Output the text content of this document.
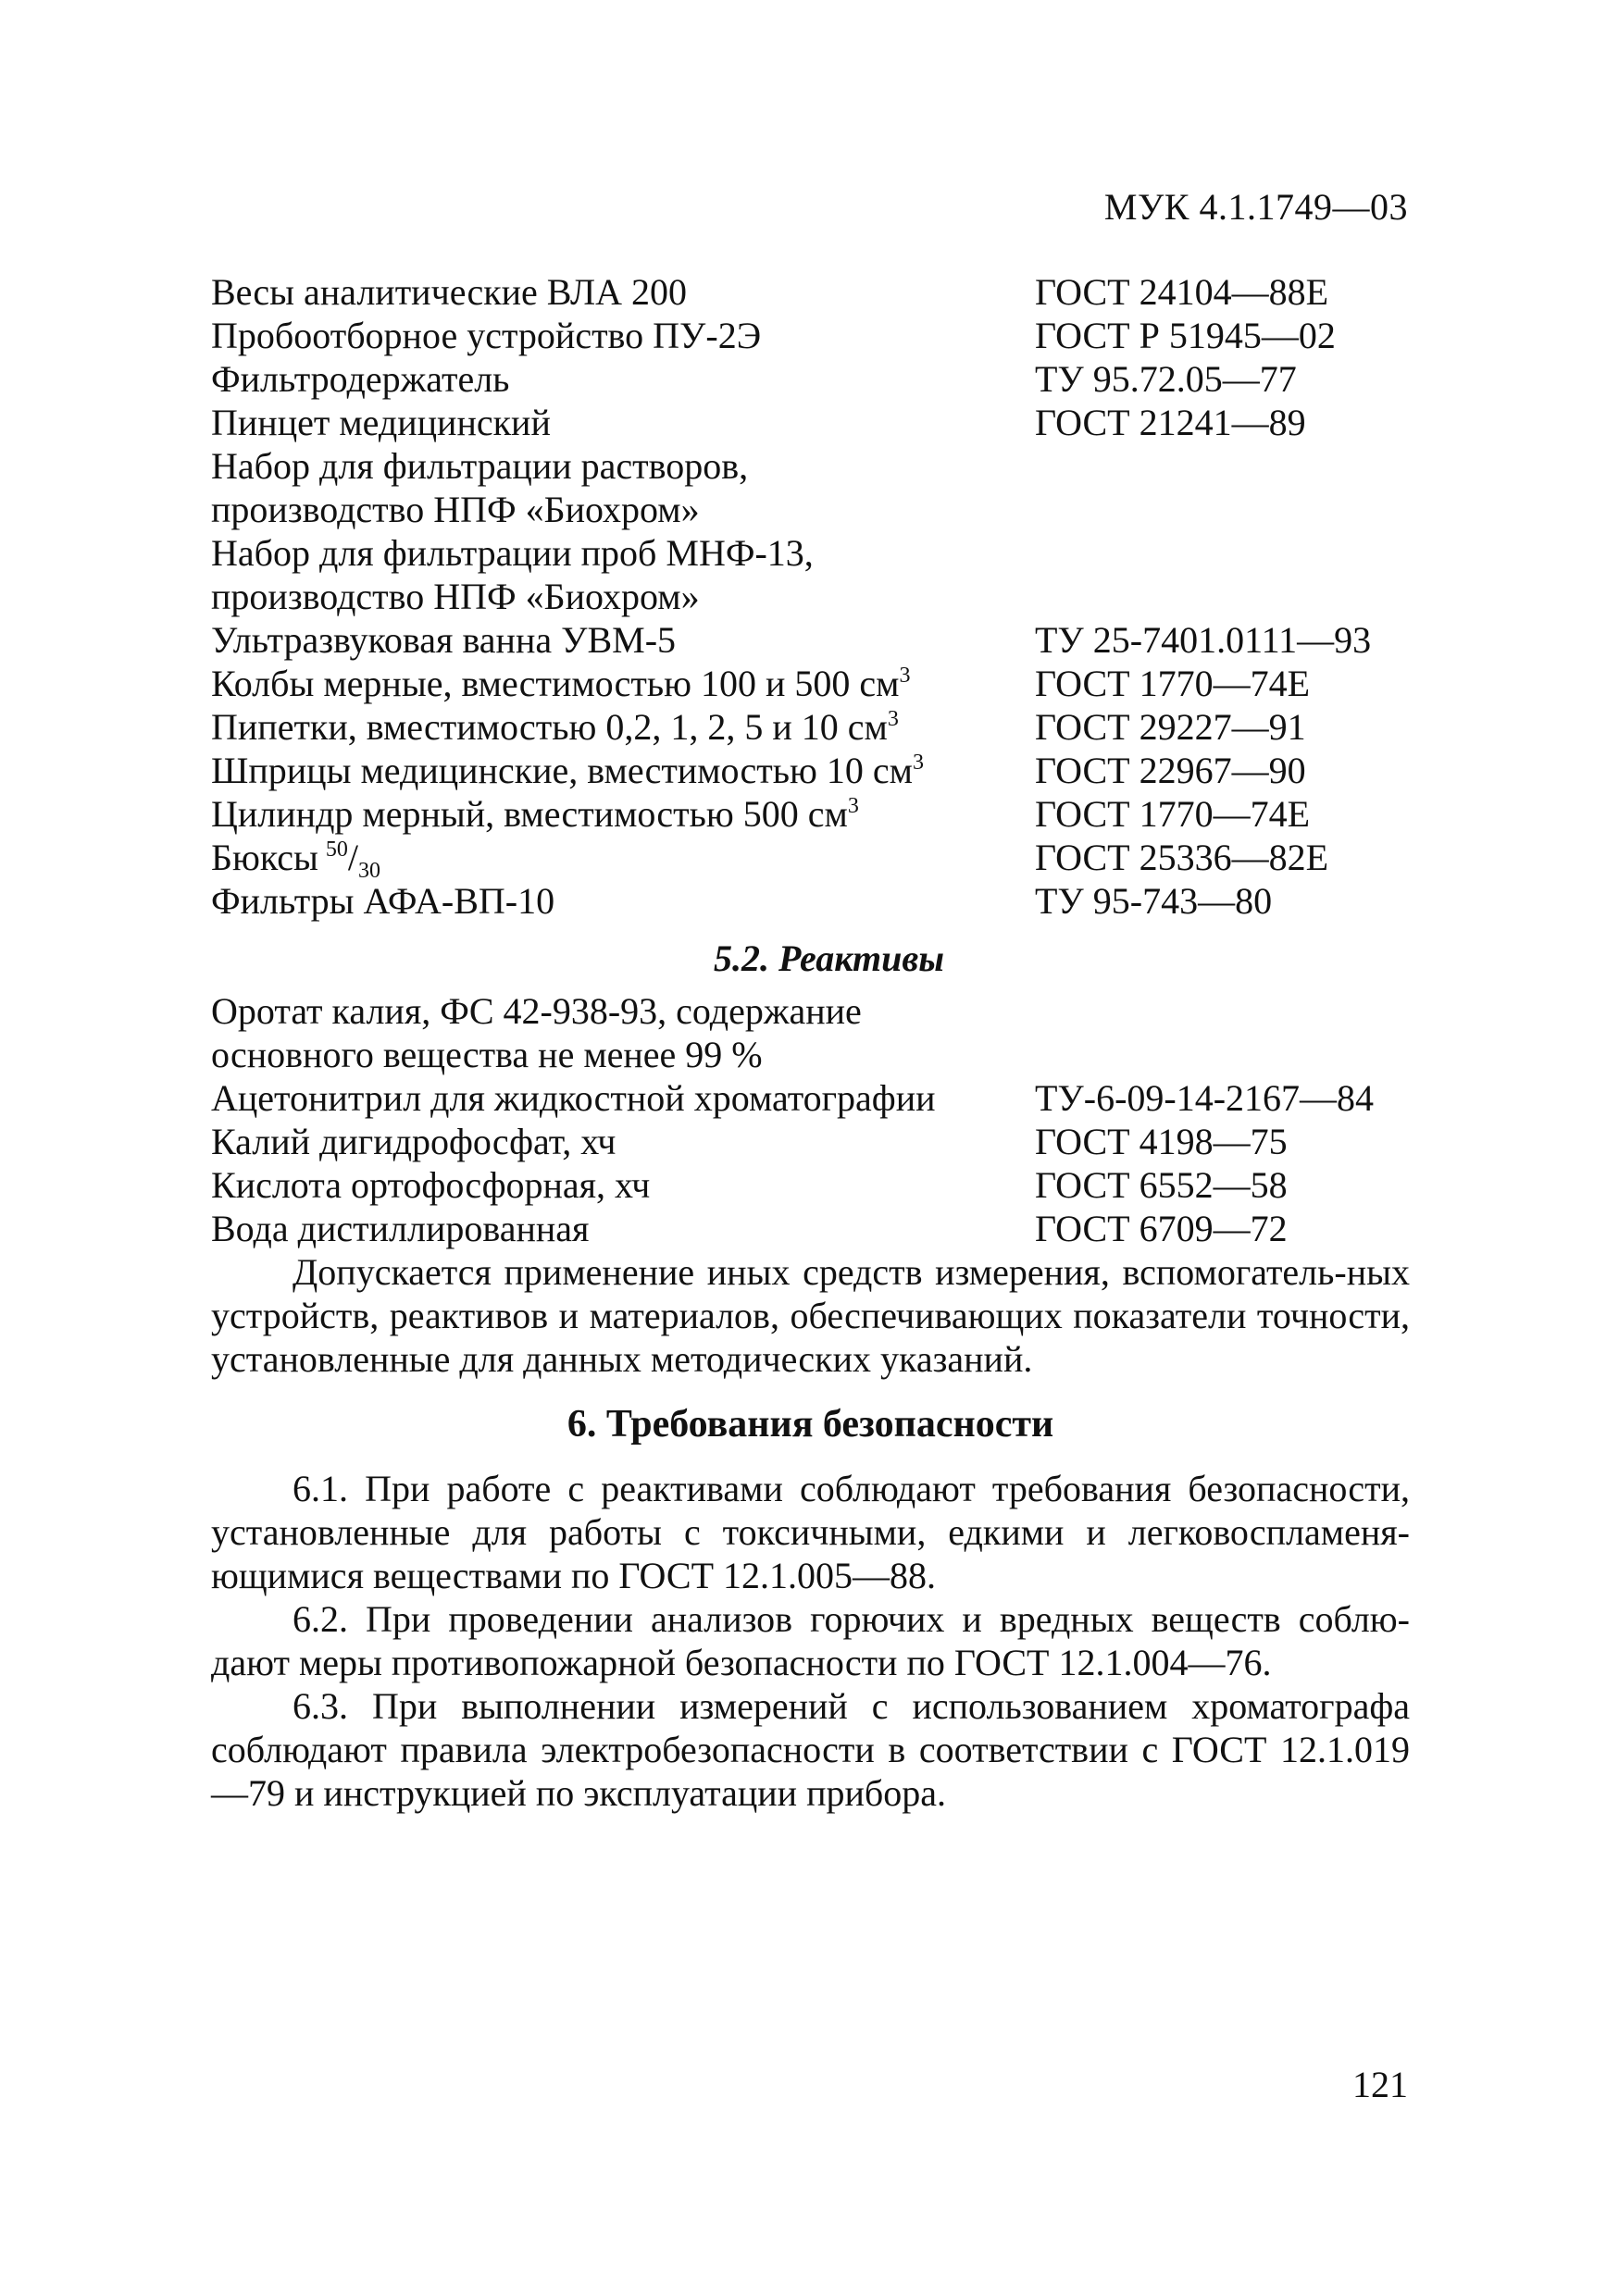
МУК 4.1.1749—03
Весы аналитические ВЛА 200	ГОСТ 24104—88Е
Пробоотборное устройство ПУ-2Э	ГОСТ Р 51945—02
Фильтродержатель	ТУ 95.72.05—77
Пинцет медицинский	ГОСТ 21241—89
Набор для фильтрации растворов,
производство НПФ «Биохром»
Набор для фильтрации проб МНФ-13,
производство НПФ «Биохром»
Ультразвуковая ванна УВМ-5	ТУ 25-7401.0111—93
Колбы мерные, вместимостью 100 и 500 $см^3$	ГОСТ 1770—74Е
Пипетки, вместимостью 0,2, 1, 2, 5 и 10 $см^3$	ГОСТ 29227—91
Шприцы медицинские, вместимостью 10 $см^3$	ГОСТ 22967—90
Цилиндр мерный, вместимостью 500 $см^3$	ГОСТ 1770—74Е
Бюксы $^{50}/_{30}$	ГОСТ 25336—82Е
Фильтры АФА-ВП-10	ТУ 95-743—80
5.2. Реактивы
Оротат калия, ФС 42-938-93, содержание
основного вещества не менее 99 %
Ацетонитрил для жидкостной хроматографии	ТУ-6-09-14-2167—84
Калий дигидрофосфат, хч	ГОСТ 4198—75
Кислота ортофосфорная, хч	ГОСТ 6552—58
Вода дистиллированная	ГОСТ 6709—72

Допускается применение иных средств измерения, вспомогатель-ных устройств, реактивов и материалов, обеспечивающих показатели точности, установленные для данных методических указаний.

6. Требования безопасности

6.1. При работе с реактивами соблюдают требования безопасности, установленные для работы с токсичными, едкими и легковоспламеня-ющимися веществами по ГОСТ 12.1.005—88.

6.2. При проведении анализов горючих и вредных веществ соблю-дают меры противопожарной безопасности по ГОСТ 12.1.004—76.

6.3. При выполнении измерений с использованием хроматографа соблюдают правила электробезопасности в соответствии с ГОСТ 12.1.019—79 и инструкцией по эксплуатации прибора.

121
